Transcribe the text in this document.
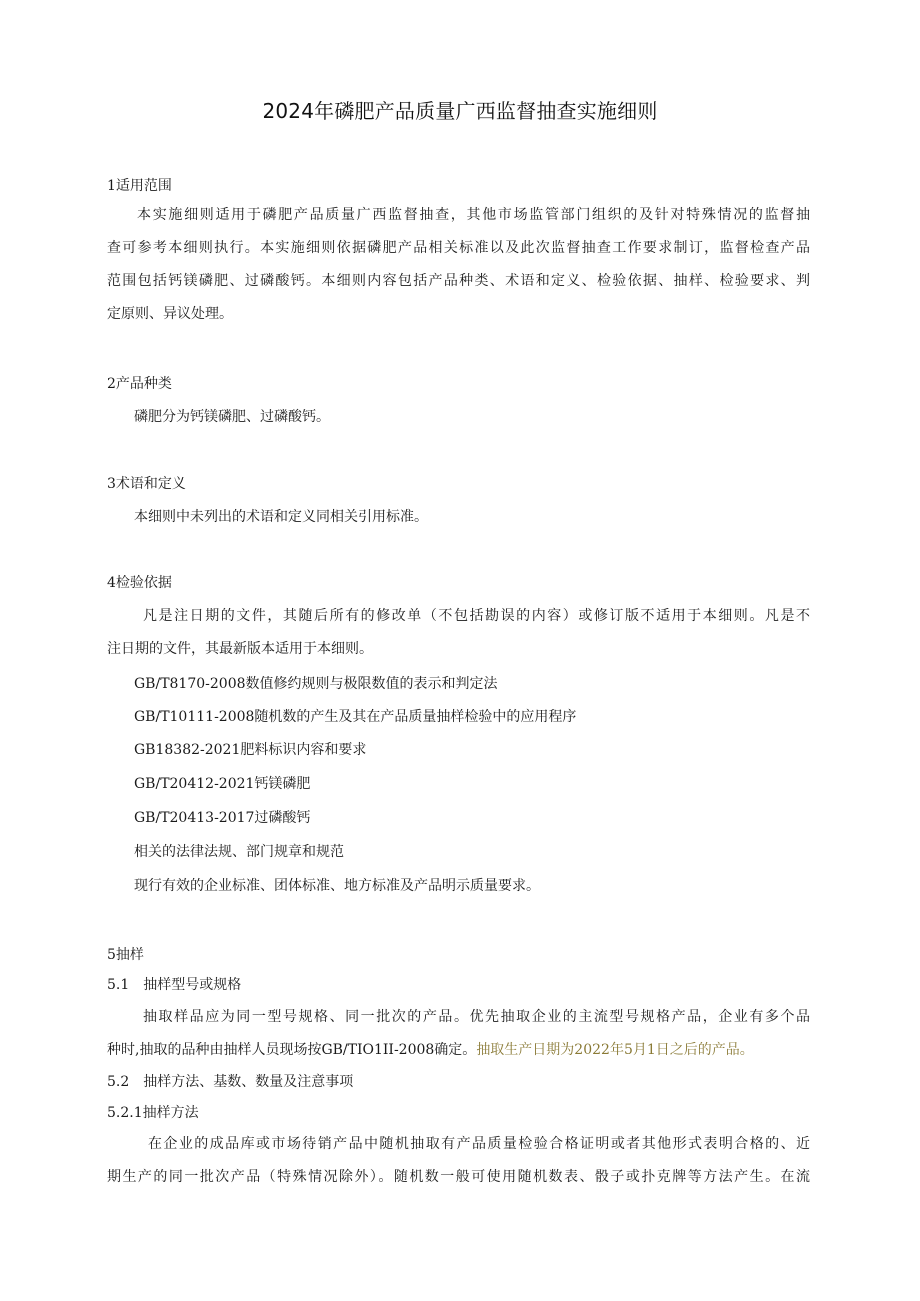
2024年磷肥产品质量广西监督抽查实施细则
1适用范围
本实施细则适用于磷肥产品质量广西监督抽查，其他市场监管部门组织的及针对特殊情况的监督抽
查可参考本细则执行。本实施细则依据磷肥产品相关标准以及此次监督抽查工作要求制订，监督检查产品
范围包括钙镁磷肥、过磷酸钙。本细则内容包括产品种类、术语和定义、检验依据、抽样、检验要求、判
定原则、异议处理。
2产品种类
磷肥分为钙镁磷肥、过磷酸钙。
3术语和定义
本细则中未列出的术语和定义同相关引用标准。
4检验依据
凡是注日期的文件，其随后所有的修改单（不包括勘误的内容）或修订版不适用于本细则。凡是不
注日期的文件，其最新版本适用于本细则。
GB/T8170-2008数值修约规则与极限数值的表示和判定法
GB/T10111-2008随机数的产生及其在产品质量抽样检验中的应用程序
GB18382-2021肥料标识内容和要求
GB/T20412-2021钙镁磷肥
GB/T20413-2017过磷酸钙
相关的法律法规、部门规章和规范
现行有效的企业标准、团体标准、地方标准及产品明示质量要求。
5抽样
5.1　抽样型号或规格
抽取样品应为同一型号规格、同一批次的产品。优先抽取企业的主流型号规格产品，企业有多个品
种时,抽取的品种由抽样人员现场按GB/TIO1II-2008确定。抽取生产日期为2022年5月1日之后的产品。
5.2　抽样方法、基数、数量及注意事项
5.2.1抽样方法
在企业的成品库或市场待销产品中随机抽取有产品质量检验合格证明或者其他形式表明合格的、近
期生产的同一批次产品（特殊情况除外）。随机数一般可使用随机数表、骰子或扑克牌等方法产生。在流
